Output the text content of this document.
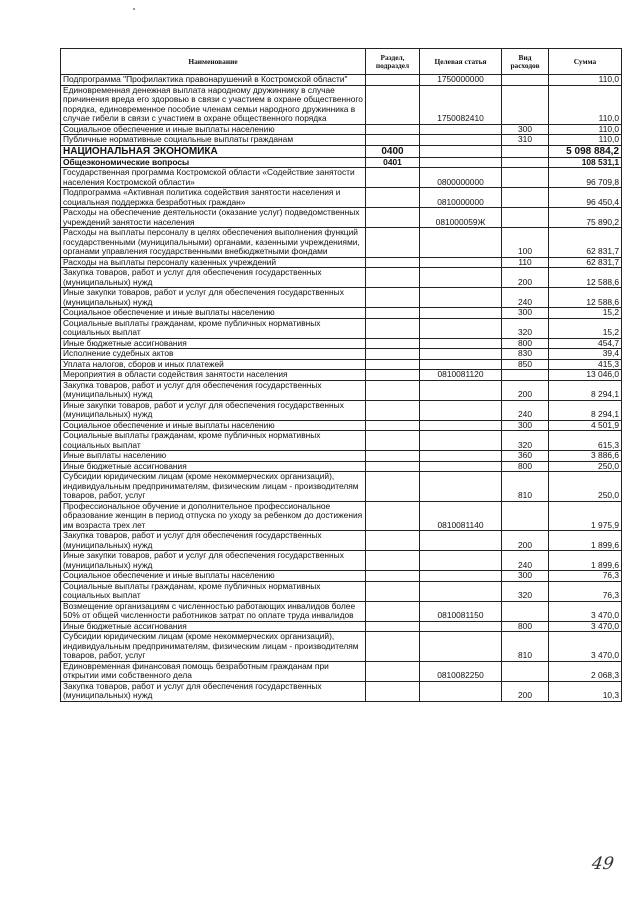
Наименование	Раздел, подраздел	Целевая статья	Вид расходов	Сумма
Подпрограмма "Профилактика правонарушений в Костромской области"		1750000000		110,0
Единовременная денежная выплата народному дружиннику в случае причинения вреда его здоровью в связи с участием в охране общественного порядка, единовременное пособие членам семьи народного дружинника в случае гибели в связи с участием в охране общественного порядка		1750082410		110,0
Социальное обеспечение и иные выплаты населению			300	110,0
Публичные нормативные социальные выплаты гражданам			310	110,0
НАЦИОНАЛЬНАЯ ЭКОНОМИКА	0400			5 098 884,2
Общеэкономические вопросы	0401			108 531,1
Государственная программа Костромской области «Содействие занятости населения Костромской области»		0800000000		96 709,8
Подпрограмма «Активная политика содействия занятости населения и социальная поддержка безработных граждан»		0810000000		96 450,4
Расходы на обеспечение деятельности (оказание услуг) подведомственных учреждений занятости населения		081000059Ж		75 890,2
Расходы на выплаты персоналу в целях обеспечения выполнения функций государственными (муниципальными) органами, казенными учреждениями, органами управления государственными внебюджетными фондами			100	62 831,7
Расходы на выплаты персоналу казенных учреждений			110	62 831,7
Закупка товаров, работ и услуг для обеспечения государственных (муниципальных) нужд			200	12 588,6
Иные закупки товаров, работ и услуг для обеспечения государственных (муниципальных) нужд			240	12 588,6
Социальное обеспечение и иные выплаты населению			300	15,2
Социальные выплаты гражданам, кроме публичных нормативных социальных выплат			320	15,2
Иные бюджетные ассигнования			800	454,7
Исполнение судебных актов			830	39,4
Уплата налогов, сборов и иных платежей			850	415,3
Мероприятия в области содействия занятости населения		0810081120		13 046,0
Закупка товаров, работ и услуг для обеспечения государственных (муниципальных) нужд			200	8 294,1
Иные закупки товаров, работ и услуг для обеспечения государственных (муниципальных) нужд			240	8 294,1
Социальное обеспечение и иные выплаты населению			300	4 501,9
Социальные выплаты гражданам, кроме публичных нормативных социальных выплат			320	615,3
Иные выплаты населению			360	3 886,6
Иные бюджетные ассигнования			800	250,0
Субсидии юридическим лицам (кроме некоммерческих организаций), индивидуальным предпринимателям, физическим лицам - производителям товаров, работ, услуг			810	250,0
Профессиональное обучение и дополнительное профессиональное образование женщин в период отпуска по уходу за ребенком до достижения им возраста трех лет		0810081140		1 975,9
Закупка товаров, работ и услуг для обеспечения государственных (муниципальных) нужд			200	1 899,6
Иные закупки товаров, работ и услуг для обеспечения государственных (муниципальных) нужд			240	1 899,6
Социальное обеспечение и иные выплаты населению			300	76,3
Социальные выплаты гражданам, кроме публичных нормативных социальных выплат			320	76,3
Возмещение организациям с численностью работающих инвалидов более 50% от общей численности работников затрат по оплате труда инвалидов		0810081150		3 470,0
Иные бюджетные ассигнования			800	3 470,0
Субсидии юридическим лицам (кроме некоммерческих организаций), индивидуальным предпринимателям, физическим лицам - производителям товаров, работ, услуг			810	3 470,0
Единовременная финансовая помощь безработным гражданам при открытии ими собственного дела		0810082250		2 068,3
Закупка товаров, работ и услуг для обеспечения государственных (муниципальных) нужд			200	10,3
49
